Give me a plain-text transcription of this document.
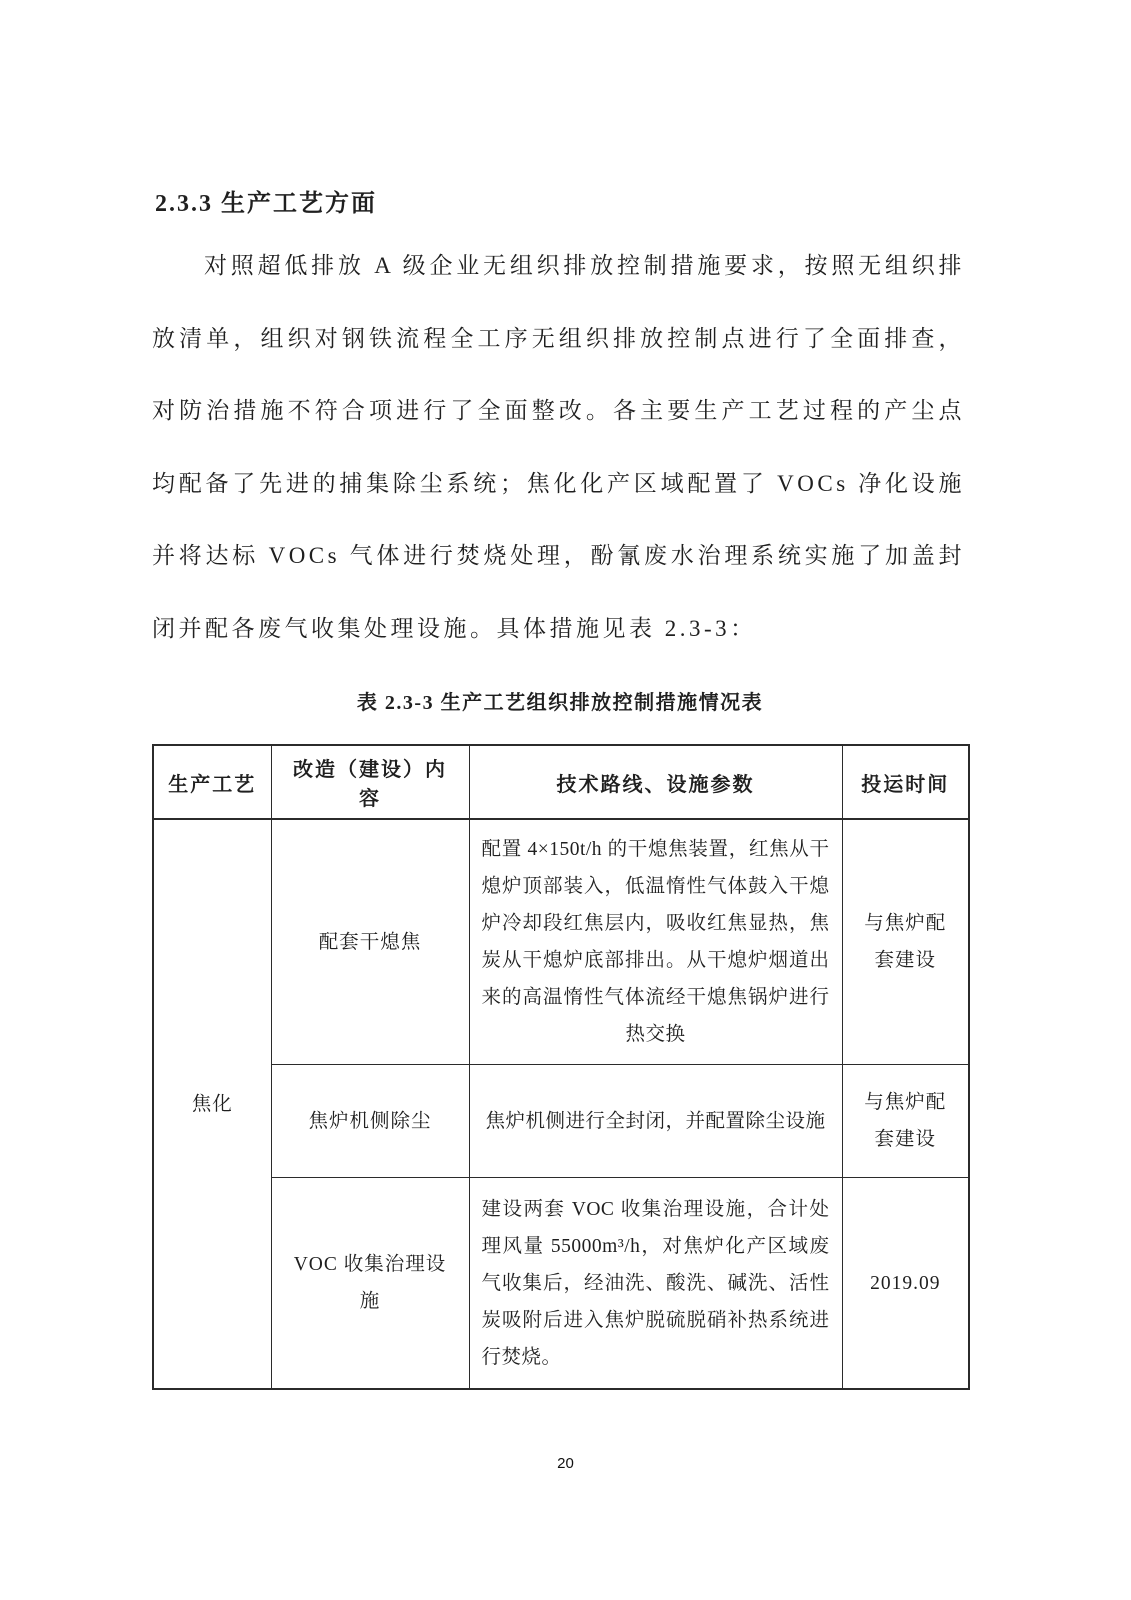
2.3.3 生产工艺方面
对照超低排放 A 级企业无组织排放控制措施要求，按照无组织排放清单，组织对钢铁流程全工序无组织排放控制点进行了全面排查，对防治措施不符合项进行了全面整改。各主要生产工艺过程的产尘点均配备了先进的捕集除尘系统；焦化化产区域配置了 VOCs 净化设施并将达标 VOCs 气体进行焚烧处理，酚氰废水治理系统实施了加盖封闭并配各废气收集处理设施。具体措施见表 2.3-3：
表 2.3-3 生产工艺组织排放控制措施情况表
生产工艺	改造（建设）内容	技术路线、设施参数	投运时间
焦化	配套干熄焦	配置 4×150t/h 的干熄焦装置，红焦从干熄炉顶部装入，低温惰性气体鼓入干熄炉冷却段红焦层内，吸收红焦显热，焦炭从干熄炉底部排出。从干熄炉烟道出来的高温惰性气体流经干熄焦锅炉进行热交换	与焦炉配套建设
	焦炉机侧除尘	焦炉机侧进行全封闭，并配置除尘设施	与焦炉配套建设
	VOC 收集治理设施	建设两套 VOC 收集治理设施，合计处理风量 55000m³/h，对焦炉化产区域废气收集后，经油洗、酸洗、碱洗、活性炭吸附后进入焦炉脱硫脱硝补热系统进行焚烧。	2019.09
20
